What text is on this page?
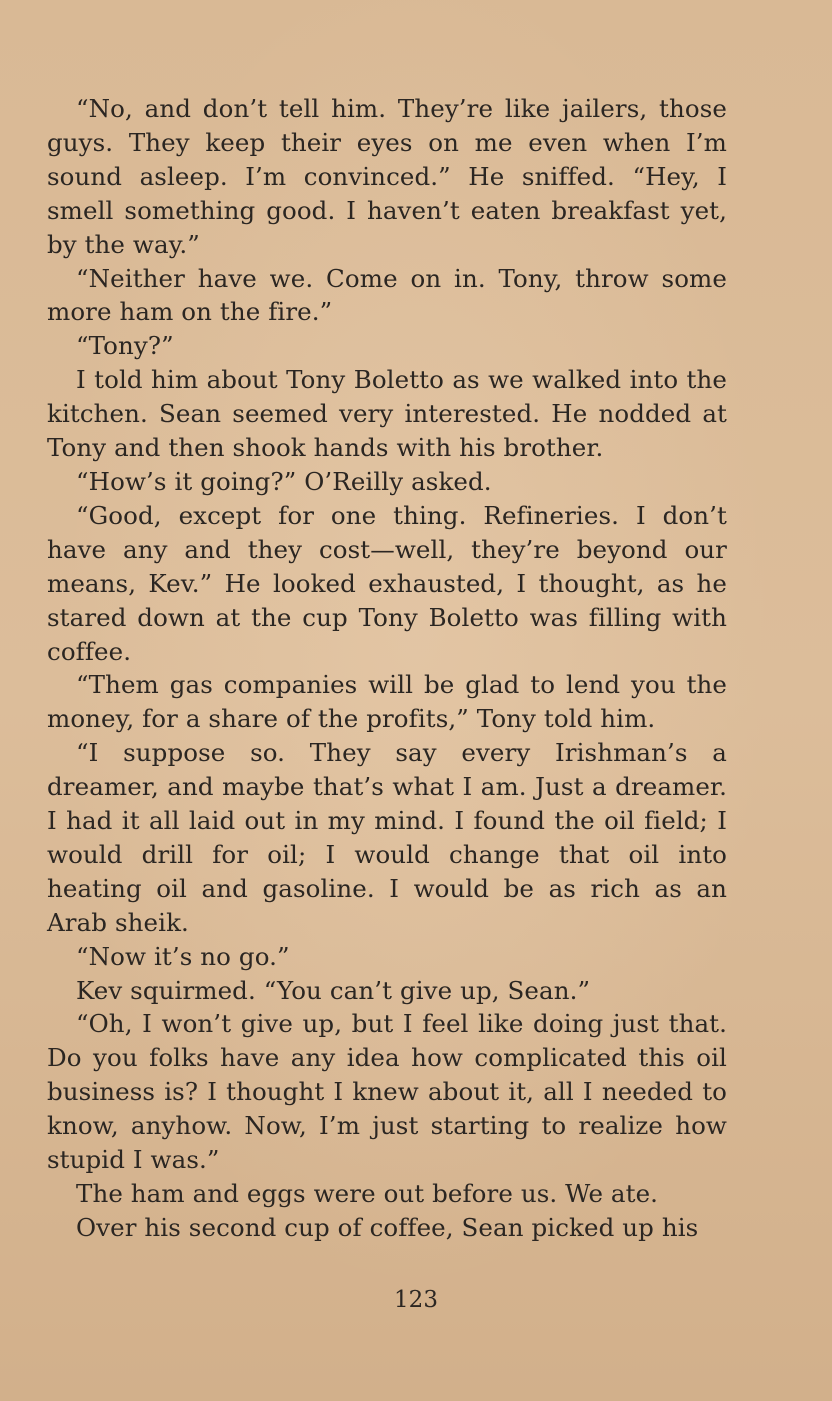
“No, and don’t tell him. They’re like jailers, those guys. They keep their eyes on me even when I’m sound asleep. I’m convinced.” He sniffed. “Hey, I smell something good. I haven’t eaten breakfast yet, by the way.”

“Neither have we. Come on in. Tony, throw some more ham on the fire.”

“Tony?”

I told him about Tony Boletto as we walked into the kitchen. Sean seemed very interested. He nodded at Tony and then shook hands with his brother.

“How’s it going?” O’Reilly asked.

“Good, except for one thing. Refineries. I don’t have any and they cost—well, they’re beyond our means, Kev.” He looked exhausted, I thought, as he stared down at the cup Tony Boletto was filling with coffee.

“Them gas companies will be glad to lend you the money, for a share of the profits,” Tony told him.

“I suppose so. They say every Irishman’s a dreamer, and maybe that’s what I am. Just a dreamer. I had it all laid out in my mind. I found the oil field; I would drill for oil; I would change that oil into heating oil and gasoline. I would be as rich as an Arab sheik.

“Now it’s no go.”

Kev squirmed. “You can’t give up, Sean.”

“Oh, I won’t give up, but I feel like doing just that. Do you folks have any idea how complicated this oil business is? I thought I knew about it, all I needed to know, anyhow. Now, I’m just starting to realize how stupid I was.”

The ham and eggs were out before us. We ate.

Over his second cup of coffee, Sean picked up his

123
